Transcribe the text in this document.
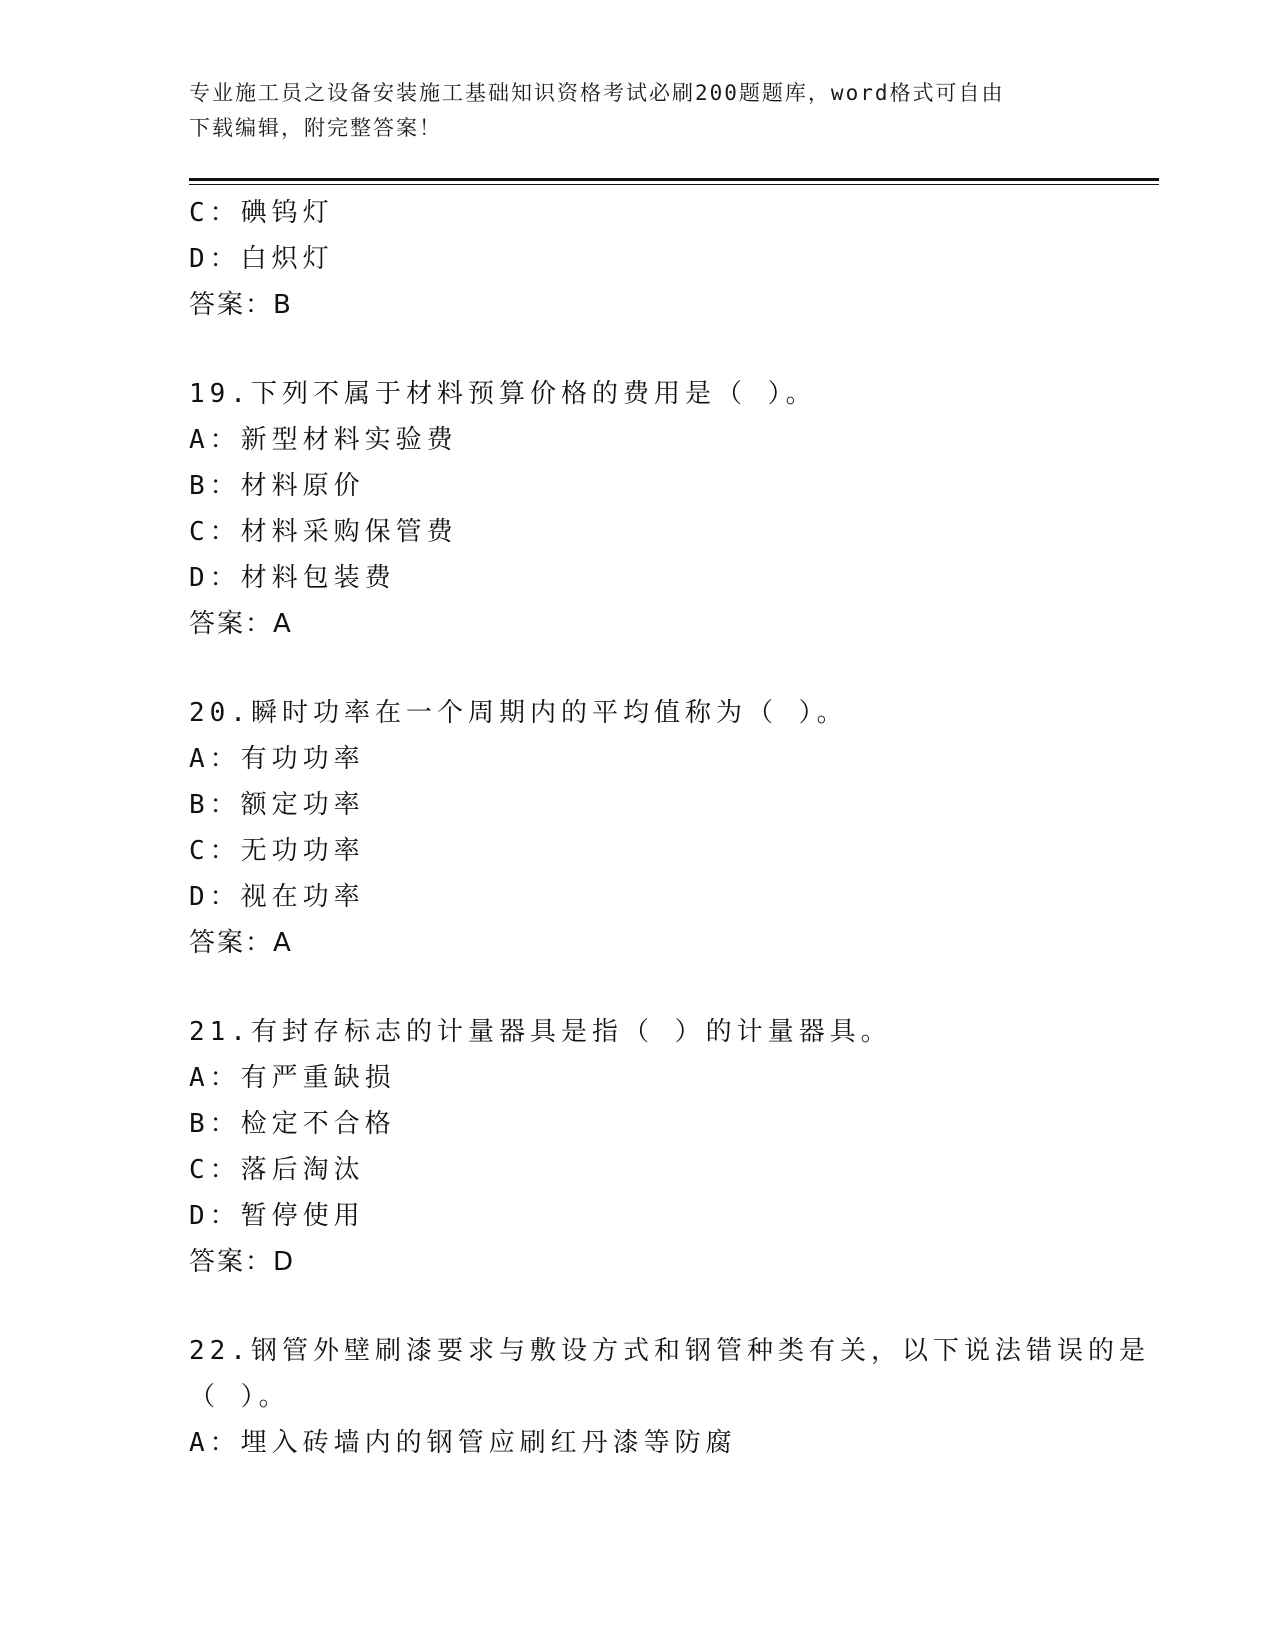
专业施工员之设备安装施工基础知识资格考试必刷200题题库，word格式可自由
下载编辑，附完整答案！
C：碘钨灯
D：白炽灯
答案：B
19.下列不属于材料预算价格的费用是（ ）。
A：新型材料实验费
B：材料原价
C：材料采购保管费
D：材料包装费
答案：A
20.瞬时功率在一个周期内的平均值称为（ ）。
A：有功功率
B：额定功率
C：无功功率
D：视在功率
答案：A
21.有封存标志的计量器具是指（ ）的计量器具。
A：有严重缺损
B：检定不合格
C：落后淘汰
D：暂停使用
答案：D
22.钢管外壁刷漆要求与敷设方式和钢管种类有关，以下说法错误的是
（ ）。
A：埋入砖墙内的钢管应刷红丹漆等防腐
